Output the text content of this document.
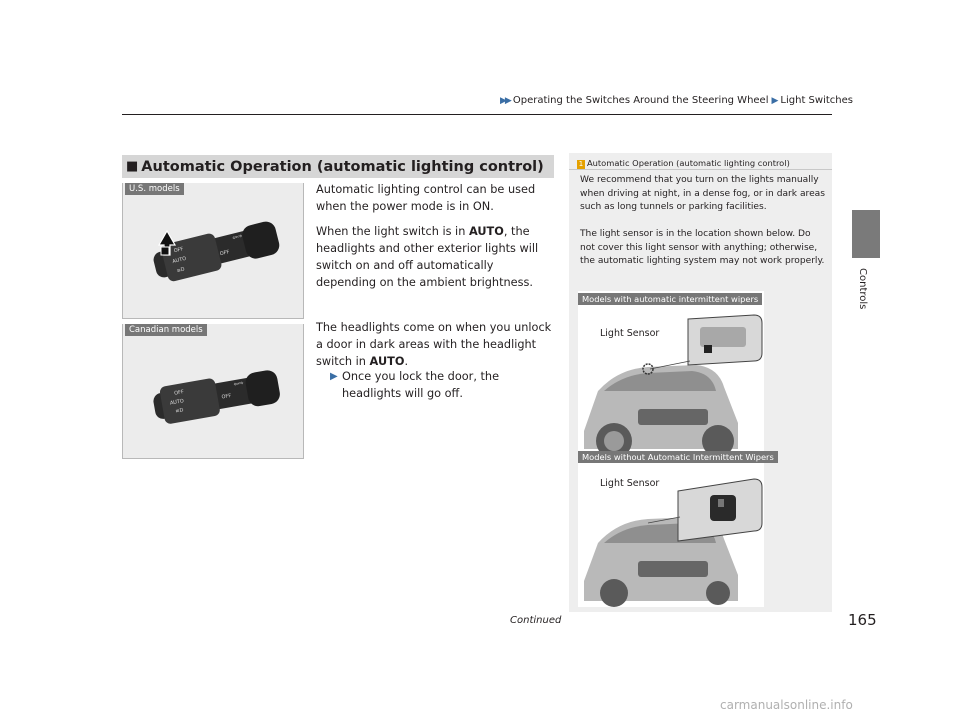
▶▶ Operating the Switches Around the Steering Wheel ▶ Light Switches
Controls
■ Automatic Operation (automatic lighting control)
OFF
AUTO
≡D
OFF
⇦⇨
U.S. models
OFF
AUTO
≡D
OFF
⇦⇨
Canadian models
Automatic lighting control can be used when the power mode is in ON.
When the light switch is in AUTO, the headlights and other exterior lights will switch on and off automatically depending on the ambient brightness.
The headlights come on when you unlock a door in dark areas with the headlight switch in AUTO.
▶ Once you lock the door, the headlights will go off.
1 Automatic Operation (automatic lighting control)
We recommend that you turn on the lights manually when driving at night, in a dense fog, or in dark areas such as long tunnels or parking facilities.
The light sensor is in the location shown below. Do not cover this light sensor with anything; otherwise, the automatic lighting system may not work properly.
Models with automatic intermittent wipers
Models without Automatic Intermittent Wipers
Light Sensor
Light Sensor
Continued	165
carmanualsonline.info
